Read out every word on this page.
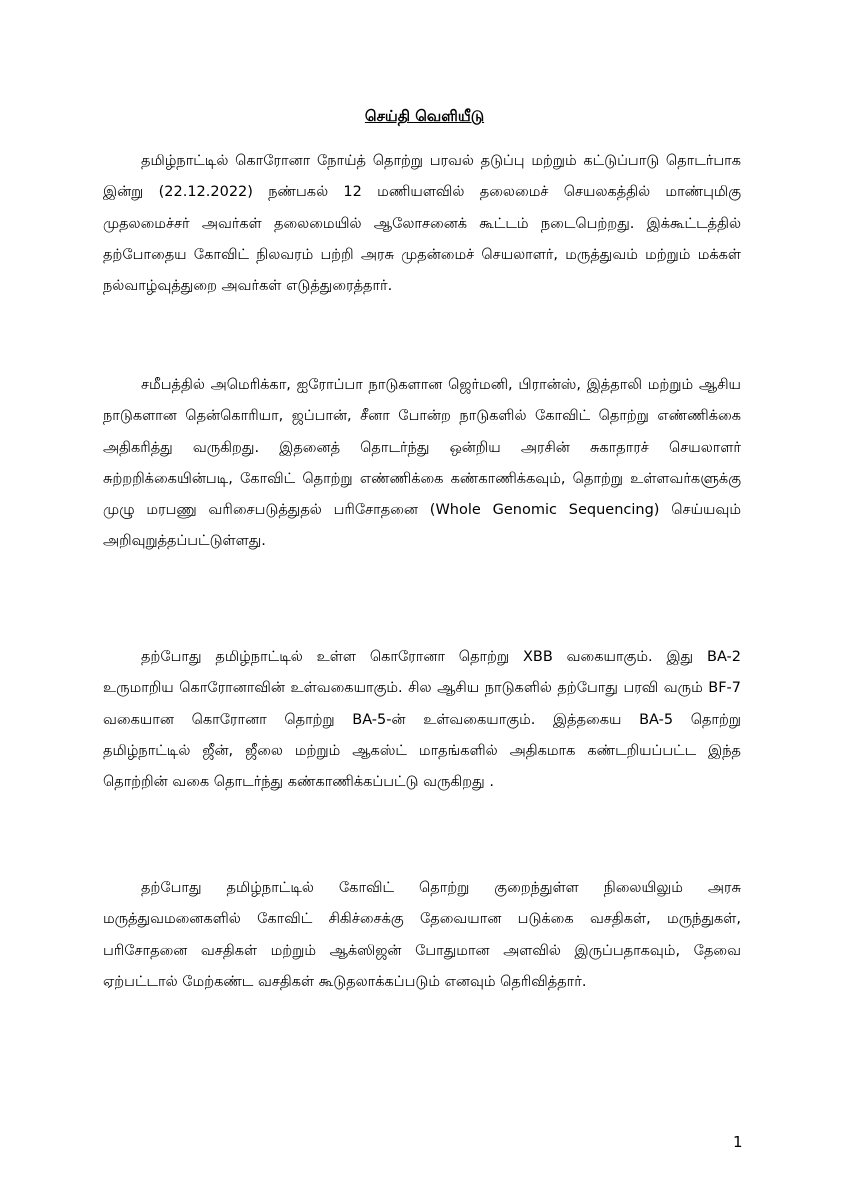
செய்தி வெளியீடு

தமிழ்நாட்டில் கொரோனா நோய்த் தொற்று பரவல் தடுப்பு மற்றும் கட்டுப்பாடு தொடர்பாக இன்று (22.12.2022) நண்பகல் 12 மணியளவில் தலைமைச் செயலகத்தில் மாண்புமிகு முதலமைச்சர் அவர்கள் தலைமையில் ஆலோசனைக் கூட்டம் நடைபெற்றது. இக்கூட்டத்தில் தற்போதைய கோவிட் நிலவரம் பற்றி அரசு முதன்மைச் செயலாளர், மருத்துவம் மற்றும் மக்கள் நல்வாழ்வுத்துறை அவர்கள் எடுத்துரைத்தார்.

சமீபத்தில் அமெரிக்கா, ஐரோப்பா நாடுகளான ஜெர்மனி, பிரான்ஸ், இத்தாலி மற்றும் ஆசிய நாடுகளான தென்கொரியா, ஜப்பான், சீனா போன்ற நாடுகளில் கோவிட் தொற்று எண்ணிக்கை அதிகரித்து வருகிறது. இதனைத் தொடர்ந்து ஒன்றிய அரசின் சுகாதாரச் செயலாளர் சுற்றறிக்கையின்படி, கோவிட் தொற்று எண்ணிக்கை கண்காணிக்கவும், தொற்று உள்ளவர்களுக்கு முழு மரபணு வரிசைபடுத்துதல் பரிசோதனை (Whole Genomic Sequencing) செய்யவும் அறிவுறுத்தப்பட்டுள்ளது.

தற்போது தமிழ்நாட்டில் உள்ள கொரோனா தொற்று XBB வகையாகும். இது BA-2 உருமாறிய கொரோனாவின் உள்வகையாகும். சில ஆசிய நாடுகளில் தற்போது பரவி வரும் BF-7 வகையான கொரோனா தொற்று BA-5-ன் உள்வகையாகும். இத்தகைய BA-5 தொற்று தமிழ்நாட்டில் ஜீன், ஜீலை மற்றும் ஆகஸ்ட் மாதங்களில் அதிகமாக கண்டறியப்பட்ட இந்த தொற்றின் வகை தொடர்ந்து கண்காணிக்கப்பட்டு வருகிறது .

தற்போது தமிழ்நாட்டில் கோவிட் தொற்று குறைந்துள்ள நிலையிலும் அரசு மருத்துவமனைகளில் கோவிட் சிகிச்சைக்கு தேவையான படுக்கை வசதிகள், மருந்துகள், பரிசோதனை வசதிகள் மற்றும் ஆக்ஸிஜன் போதுமான அளவில் இருப்பதாகவும், தேவை ஏற்பட்டால் மேற்கண்ட வசதிகள் கூடுதலாக்கப்படும் எனவும் தெரிவித்தார்.

1
